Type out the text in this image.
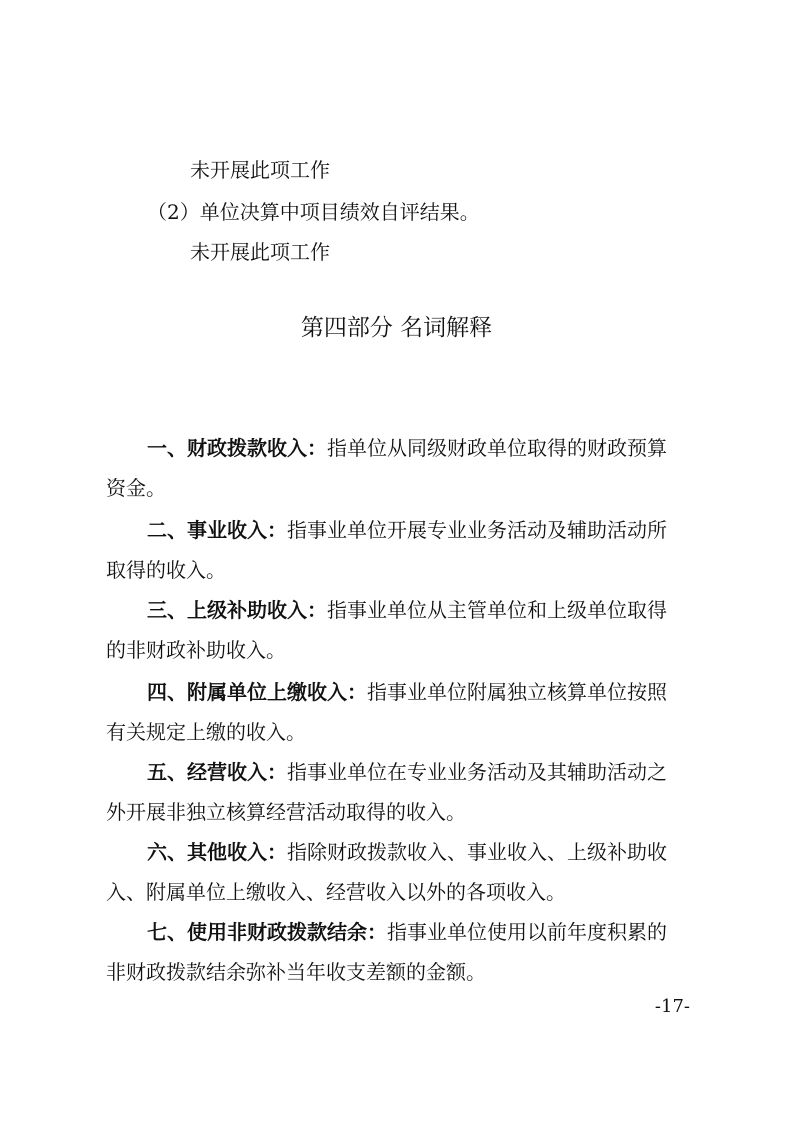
未开展此项工作
（2）单位决算中项目绩效自评结果。
未开展此项工作
第四部分 名词解释
一、财政拨款收入：指单位从同级财政单位取得的财政预算
资金。
二、事业收入：指事业单位开展专业业务活动及辅助活动所
取得的收入。
三、上级补助收入：指事业单位从主管单位和上级单位取得
的非财政补助收入。
四、附属单位上缴收入：指事业单位附属独立核算单位按照
有关规定上缴的收入。
五、经营收入：指事业单位在专业业务活动及其辅助活动之
外开展非独立核算经营活动取得的收入。
六、其他收入：指除财政拨款收入、事业收入、上级补助收
入、附属单位上缴收入、经营收入以外的各项收入。
七、使用非财政拨款结余：指事业单位使用以前年度积累的
非财政拨款结余弥补当年收支差额的金额。
-17-
